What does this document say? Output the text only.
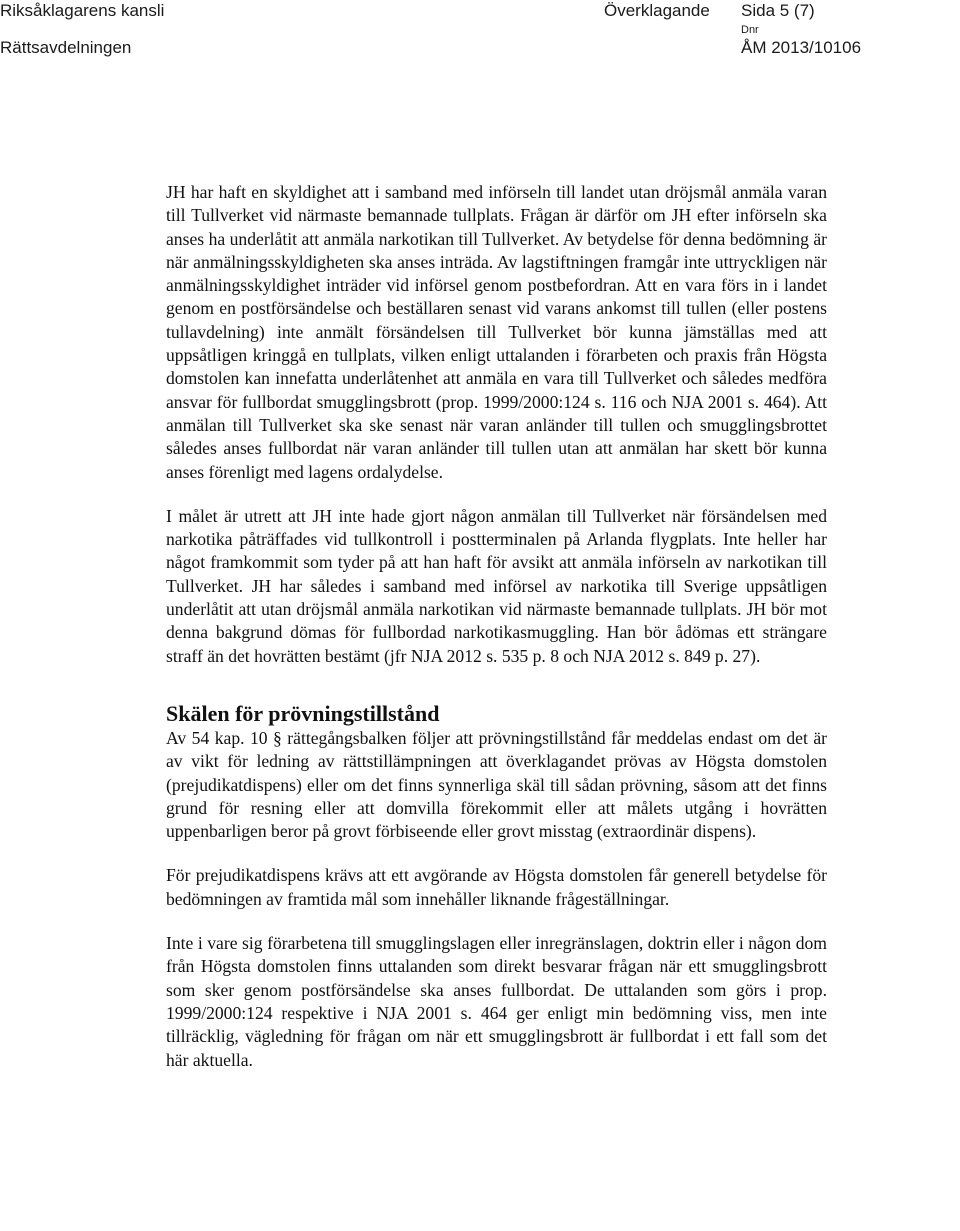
Riksåklagarens kansli
Rättsavdelningen
Överklagande
Dnr
ÅM 2013/10106
Sida 5 (7)

JH har haft en skyldighet att i samband med införseln till landet utan dröjsmål anmäla varan till Tullverket vid närmaste bemannade tullplats. Frågan är därför om JH efter införseln ska anses ha underlåtit att anmäla narkotikan till Tullverket. Av betydelse för denna bedömning är när anmälningsskyldigheten ska anses inträda. Av lagstiftningen framgår inte uttryckligen när anmälningsskyldighet inträder vid införsel genom postbefordran. Att en vara förs in i landet genom en postförsändelse och beställaren senast vid varans ankomst till tullen (eller postens tullavdelning) inte anmält försändelsen till Tullverket bör kunna jämställas med att uppsåtligen kringgå en tullplats, vilken enligt uttalanden i förarbeten och praxis från Högsta domstolen kan innefatta underlåtenhet att anmäla en vara till Tullverket och således medföra ansvar för fullbordat smugglingsbrott (prop. 1999/2000:124 s. 116 och NJA 2001 s. 464). Att anmälan till Tullverket ska ske senast när varan anländer till tullen och smugglingsbrottet således anses fullbordat när varan anländer till tullen utan att anmälan har skett bör kunna anses förenligt med lagens ordalydelse.

I målet är utrett att JH inte hade gjort någon anmälan till Tullverket när försändelsen med narkotika påträffades vid tullkontroll i postterminalen på Arlanda flygplats. Inte heller har något framkommit som tyder på att han haft för avsikt att anmäla införseln av narkotikan till Tullverket. JH har således i samband med införsel av narkotika till Sverige uppsåtligen underlåtit att utan dröjsmål anmäla narkotikan vid närmaste bemannade tullplats. JH bör mot denna bakgrund dömas för fullbordad narkotikasmuggling. Han bör ådömas ett strängare straff än det hovrätten bestämt (jfr NJA 2012 s. 535 p. 8 och NJA 2012 s. 849 p. 27).

Skälen för prövningstillstånd

Av 54 kap. 10 § rättegångsbalken följer att prövningstillstånd får meddelas endast om det är av vikt för ledning av rättstillämpningen att överklagandet prövas av Högsta domstolen (prejudikatdispens) eller om det finns synnerliga skäl till sådan prövning, såsom att det finns grund för resning eller att domvilla förekommit eller att målets utgång i hovrätten uppenbarligen beror på grovt förbiseende eller grovt misstag (extraordinär dispens).

För prejudikatdispens krävs att ett avgörande av Högsta domstolen får generell betydelse för bedömningen av framtida mål som innehåller liknande frågeställningar.

Inte i vare sig förarbetena till smugglingslagen eller inregränslagen, doktrin eller i någon dom från Högsta domstolen finns uttalanden som direkt besvarar frågan när ett smugglingsbrott som sker genom postförsändelse ska anses fullbordat. De uttalanden som görs i prop. 1999/2000:124 respektive i NJA 2001 s. 464 ger enligt min bedömning viss, men inte tillräcklig, vägledning för frågan om när ett smugglingsbrott är fullbordat i ett fall som det här aktuella.
